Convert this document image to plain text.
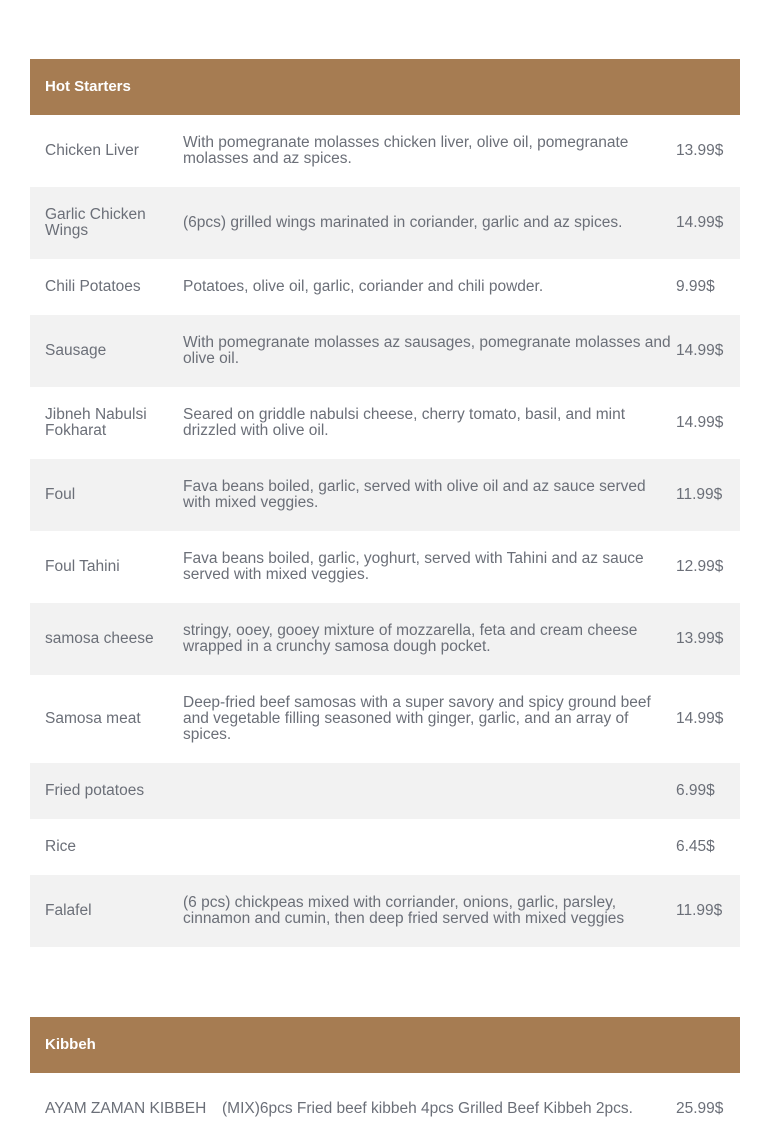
Hot Starters
Chicken Liver	With pomegranate molasses chicken liver, olive oil, pomegranate molasses and az spices.	13.99$
Garlic Chicken Wings	(6pcs) grilled wings marinated in coriander, garlic and az spices.	14.99$
Chili Potatoes	Potatoes, olive oil, garlic, coriander and chili powder.	9.99$
Sausage	With pomegranate molasses az sausages, pomegranate molasses and olive oil.	14.99$
Jibneh Nabulsi Fokharat	Seared on griddle nabulsi cheese, cherry tomato, basil, and mint drizzled with olive oil.	14.99$
Foul	Fava beans boiled, garlic, served with olive oil and az sauce served with mixed veggies.	11.99$
Foul Tahini	Fava beans boiled, garlic, yoghurt, served with Tahini and az sauce served with mixed veggies.	12.99$
samosa cheese	stringy, ooey, gooey mixture of mozzarella, feta and cream cheese wrapped in a crunchy samosa dough pocket.	13.99$
Samosa meat	Deep-fried beef samosas with a super savory and spicy ground beef and vegetable filling seasoned with ginger, garlic, and an array of spices.	14.99$
Fried potatoes		6.99$
Rice		6.45$
Falafel	(6 pcs) chickpeas mixed with corriander, onions, garlic, parsley, cinnamon and cumin, then deep fried served with mixed veggies	11.99$
Kibbeh
AYAM ZAMAN KIBBEH	(MIX)6pcs Fried beef kibbeh 4pcs Grilled Beef Kibbeh 2pcs.	25.99$
